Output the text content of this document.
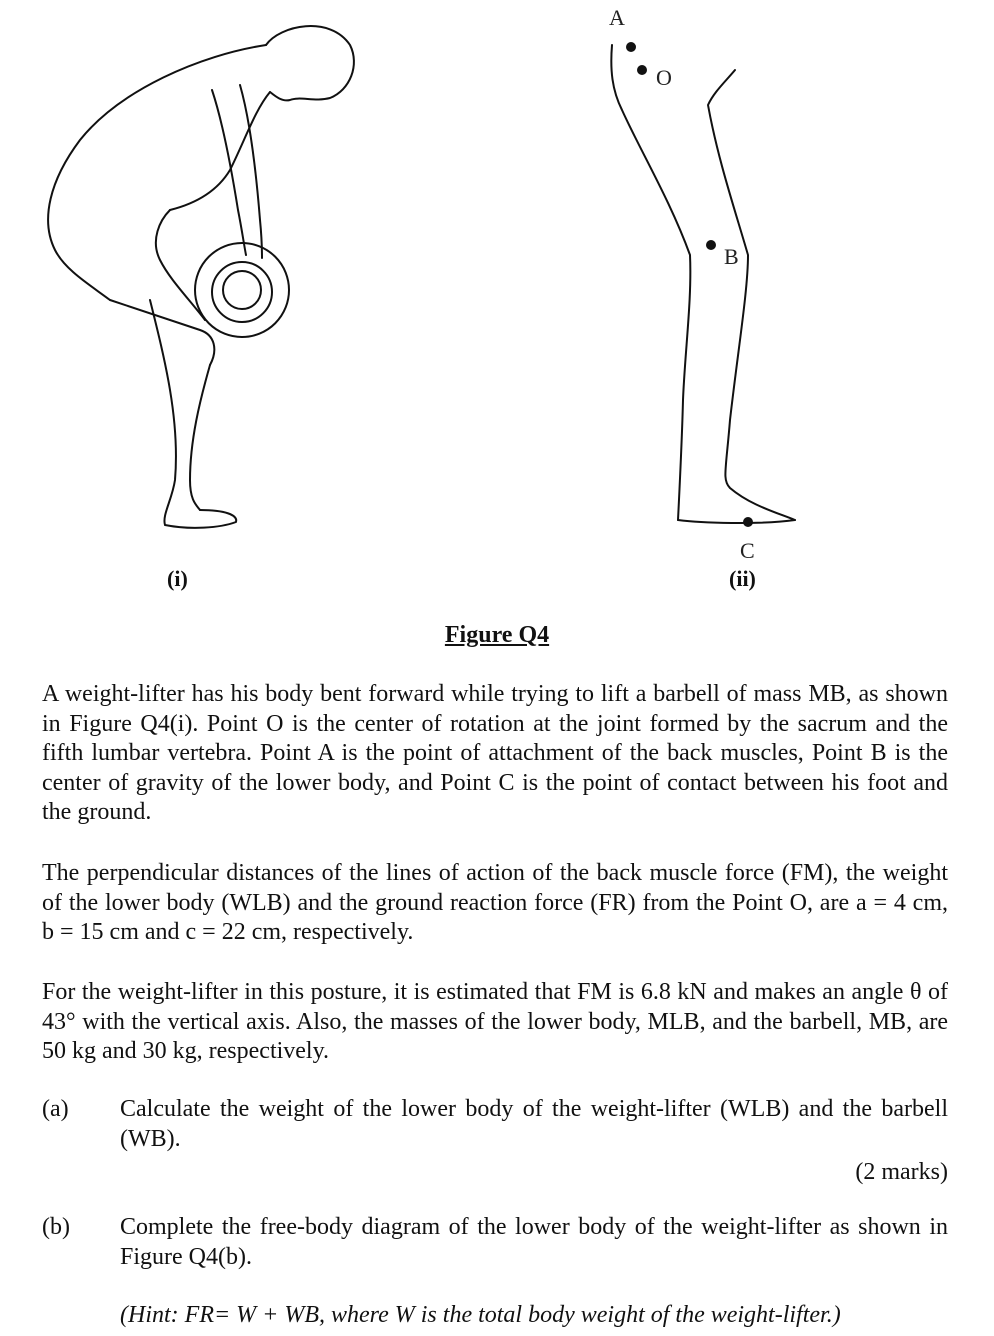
A
O
B
C
(i)	(ii)
Figure Q4

A weight-lifter has his body bent forward while trying to lift a barbell of mass MB, as shown in Figure Q4(i). Point O is the center of rotation at the joint formed by the sacrum and the fifth lumbar vertebra. Point A is the point of attachment of the back muscles, Point B is the center of gravity of the lower body, and Point C is the point of contact between his foot and the ground.

The perpendicular distances of the lines of action of the back muscle force (FM), the weight of the lower body (WLB) and the ground reaction force (FR) from the Point O, are a = 4 cm, b = 15 cm and c = 22 cm, respectively.

For the weight-lifter in this posture, it is estimated that FM is 6.8 kN and makes an angle θ of 43° with the vertical axis. Also, the masses of the lower body, MLB, and the barbell, MB, are 50 kg and 30 kg, respectively.

(a) Calculate the weight of the lower body of the weight-lifter (WLB) and the barbell (WB).
(2 marks)
(b) Complete the free-body diagram of the lower body of the weight-lifter as shown in Figure Q4(b).
(Hint: FR= W + WB, where W is the total body weight of the weight-lifter.)
